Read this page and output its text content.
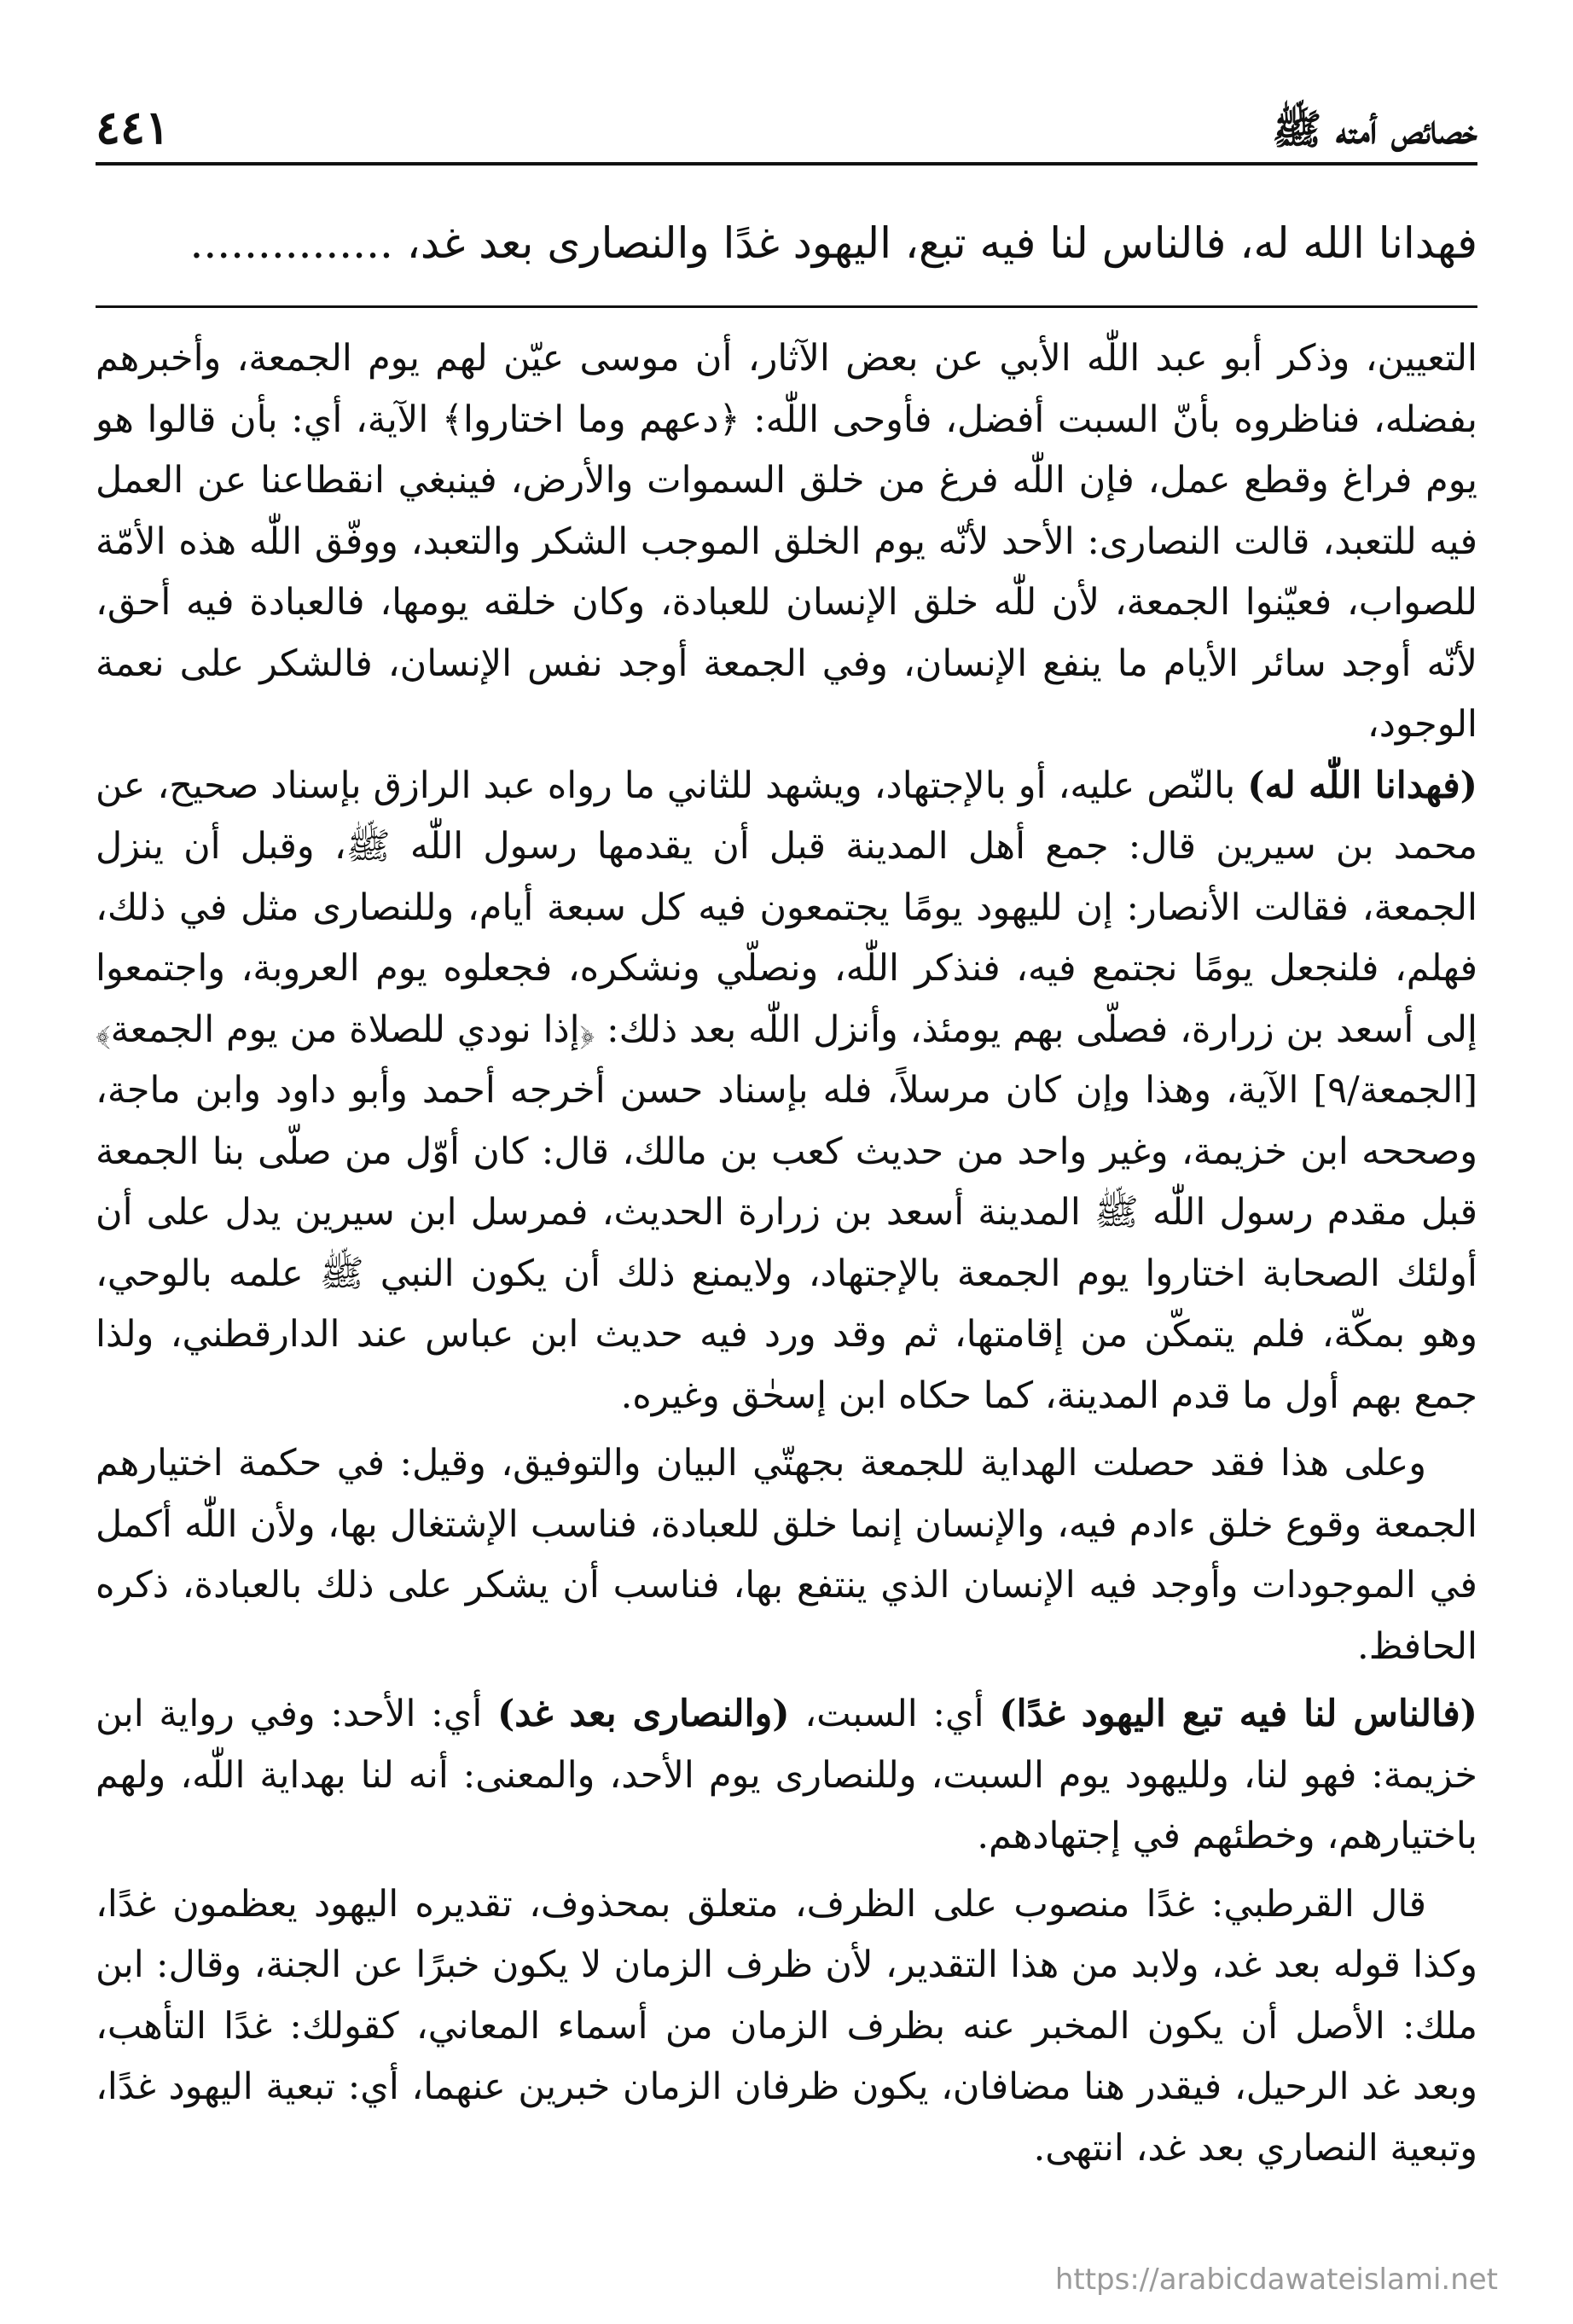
خصائص أمته ﷺ
٤٤١
فهدانا الله له، فالناس لنا فيه تبع، اليهود غدًا والنصارى بعد غد، ...............

التعيين، وذكر أبو عبد اللّٰه الأبي عن بعض الآثار، أن موسى عيّن لهم يوم الجمعة، وأخبرهم بفضله، فناظروه بأنّ السبت أفضل، فأوحى اللّٰه: ﴿دعهم وما اختاروا﴾ الآية، أي: بأن قالوا هو يوم فراغ وقطع عمل، فإن اللّٰه فرغ من خلق السموات والأرض، فينبغي انقطاعنا عن العمل فيه للتعبد، قالت النصارى: الأحد لأنّه يوم الخلق الموجب الشكر والتعبد، ووفّق اللّٰه هذه الأمّة للصواب، فعيّنوا الجمعة، لأن للّٰه خلق الإنسان للعبادة، وكان خلقه يومها، فالعبادة فيه أحق، لأنّه أوجد سائر الأيام ما ينفع الإنسان، وفي الجمعة أوجد نفس الإنسان، فالشكر على نعمة الوجود،

(فهدانا اللّٰه له) بالنّص عليه، أو بالإجتهاد، ويشهد للثاني ما رواه عبد الرازق بإسناد صحيح، عن محمد بن سيرين قال: جمع أهل المدينة قبل أن يقدمها رسول اللّٰه ﷺ، وقبل أن ينزل الجمعة، فقالت الأنصار: إن لليهود يومًا يجتمعون فيه كل سبعة أيام، وللنصارى مثل في ذلك، فهلم، فلنجعل يومًا نجتمع فيه، فنذكر اللّٰه، ونصلّي ونشكره، فجعلوه يوم العروبة، واجتمعوا إلى أسعد بن زرارة، فصلّى بهم يومئذ، وأنزل اللّٰه بعد ذلك: ﴿إذا نودي للصلاة من يوم الجمعة﴾ [الجمعة/٩] الآية، وهذا وإن كان مرسلاً، فله بإسناد حسن أخرجه أحمد وأبو داود وابن ماجة، وصححه ابن خزيمة، وغير واحد من حديث كعب بن مالك، قال: كان أوّل من صلّى بنا الجمعة قبل مقدم رسول اللّٰه ﷺ المدينة أسعد بن زرارة الحديث، فمرسل ابن سيرين يدل على أن أولئك الصحابة اختاروا يوم الجمعة بالإجتهاد، ولايمنع ذلك أن يكون النبي ﷺ علمه بالوحي، وهو بمكّة، فلم يتمكّن من إقامتها، ثم وقد ورد فيه حديث ابن عباس عند الدارقطني، ولذا جمع بهم أول ما قدم المدينة، كما حكاه ابن إسحٰق وغيره.

وعلى هذا فقد حصلت الهداية للجمعة بجهتّي البيان والتوفيق، وقيل: في حكمة اختيارهم الجمعة وقوع خلق ءادم فيه، والإنسان إنما خلق للعبادة، فناسب الإشتغال بها، ولأن اللّٰه أكمل في الموجودات وأوجد فيه الإنسان الذي ينتفع بها، فناسب أن يشكر على ذلك بالعبادة، ذكره الحافظ.

(فالناس لنا فيه تبع اليهود غدًا) أي: السبت، (والنصارى بعد غد) أي: الأحد: وفي رواية ابن خزيمة: فهو لنا، ولليهود يوم السبت، وللنصارى يوم الأحد، والمعنى: أنه لنا بهداية اللّٰه، ولهم باختيارهم، وخطئهم في إجتهادهم.

قال القرطبي: غدًا منصوب على الظرف، متعلق بمحذوف، تقديره اليهود يعظمون غدًا، وكذا قوله بعد غد، ولابد من هذا التقدير، لأن ظرف الزمان لا يكون خبرًا عن الجنة، وقال: ابن ملك: الأصل أن يكون المخبر عنه بظرف الزمان من أسماء المعاني، كقولك: غدًا التأهب، وبعد غد الرحيل، فيقدر هنا مضافان، يكون ظرفان الزمان خبرين عنهما، أي: تبعية اليهود غدًا، وتبعية النصاري بعد غد، انتهى.

https://arabicdawateislami.net
